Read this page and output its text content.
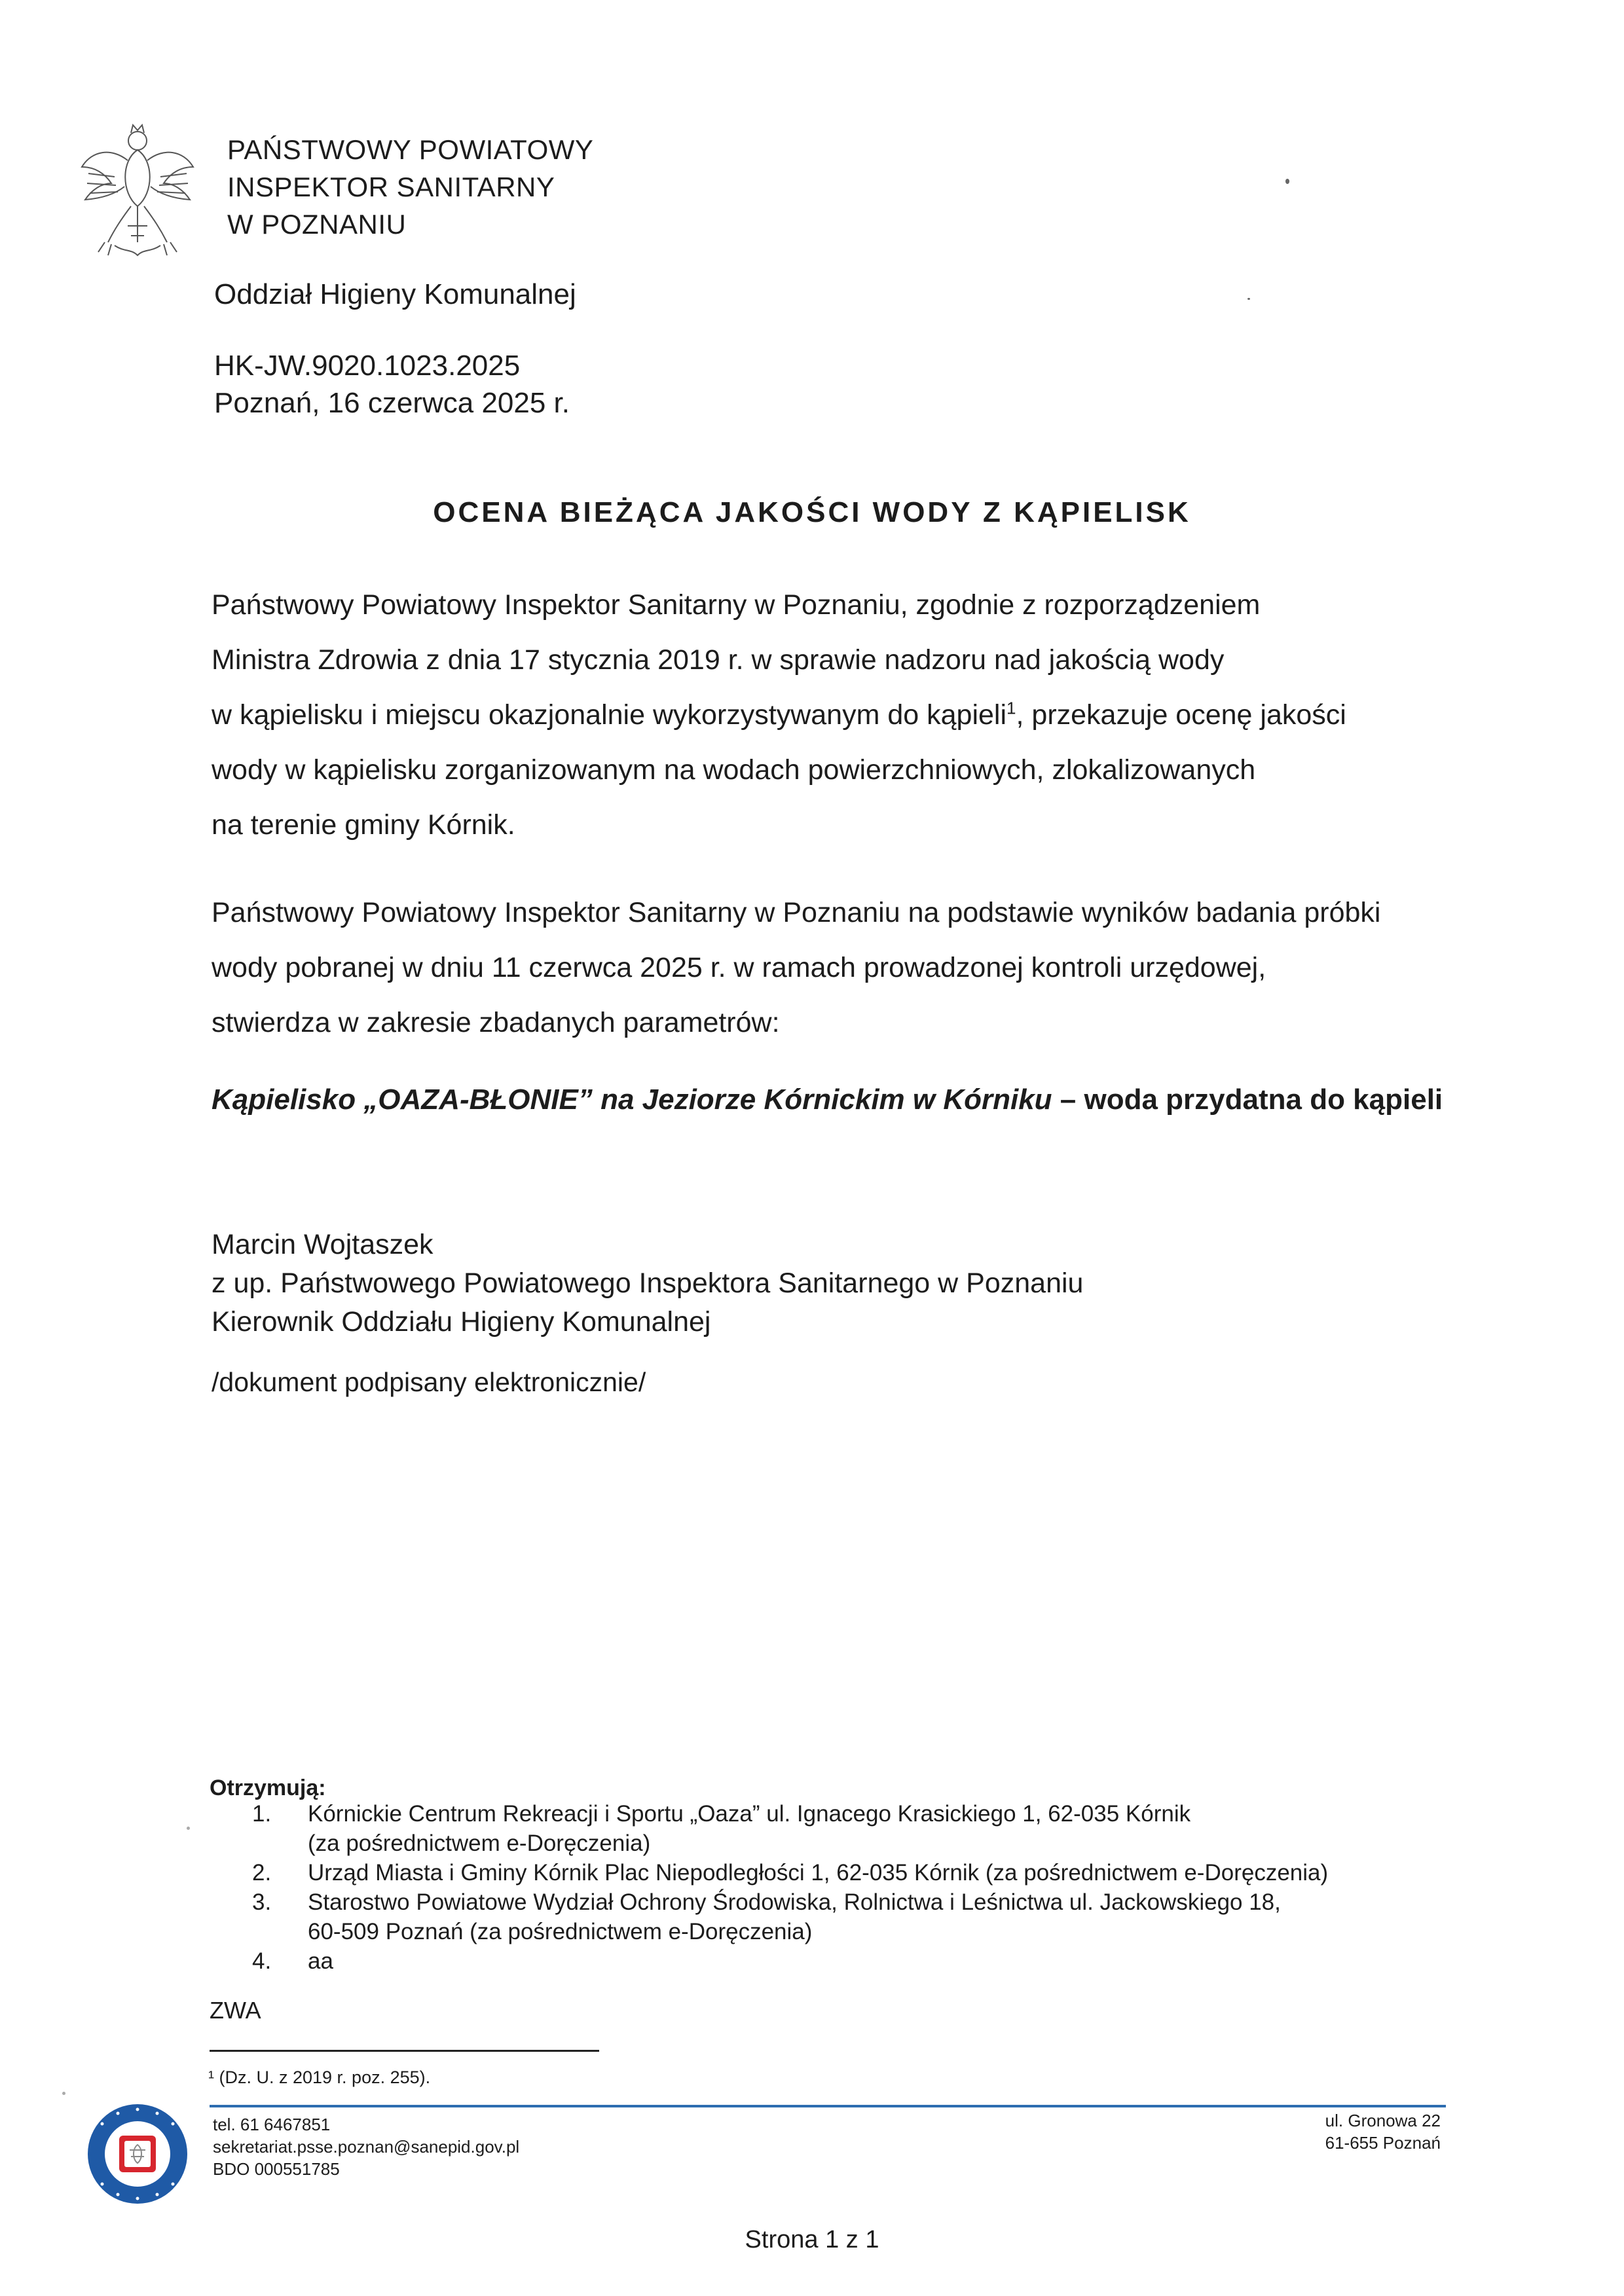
PAŃSTWOWY POWIATOWY
INSPEKTOR SANITARNY
W POZNANIU
Oddział Higieny Komunalnej
HK-JW.9020.1023.2025
Poznań, 16 czerwca 2025 r.
OCENA BIEŻĄCA JAKOŚCI WODY Z KĄPIELISK
Państwowy Powiatowy Inspektor Sanitarny w Poznaniu, zgodnie z rozporządzeniem
Ministra Zdrowia z dnia 17 stycznia 2019 r. w sprawie nadzoru nad jakością wody
w kąpielisku i miejscu okazjonalnie wykorzystywanym do kąpieli$^1$, przekazuje ocenę jakości
wody w kąpielisku zorganizowanym na wodach powierzchniowych, zlokalizowanych
na terenie gminy Kórnik.
Państwowy Powiatowy Inspektor Sanitarny w Poznaniu na podstawie wyników badania próbki
wody pobranej w dniu 11 czerwca 2025 r. w ramach prowadzonej kontroli urzędowej,
stwierdza w zakresie zbadanych parametrów:
Kąpielisko „OAZA-BŁONIE” na Jeziorze Kórnickim w Kórniku – woda przydatna do kąpieli
Marcin Wojtaszek
z up. Państwowego Powiatowego Inspektora Sanitarnego w Poznaniu
Kierownik Oddziału Higieny Komunalnej
/dokument podpisany elektronicznie/
Otrzymują:
1.	Kórnickie Centrum Rekreacji i Sportu „Oaza” ul. Ignacego Krasickiego 1, 62-035 Kórnik
(za pośrednictwem e-Doręczenia)
2.	Urząd Miasta i Gminy Kórnik Plac Niepodległości 1, 62-035 Kórnik (za pośrednictwem e-Doręczenia)
3.	Starostwo Powiatowe Wydział Ochrony Środowiska, Rolnictwa i Leśnictwa ul. Jackowskiego 18,
60-509 Poznań (za pośrednictwem e-Doręczenia)
4.	aa
ZWA
¹ (Dz. U. z 2019 r. poz. 255).
tel. 61 6467851
sekretariat.psse.poznan@sanepid.gov.pl
BDO 000551785
ul. Gronowa 22
61-655 Poznań
Strona 1 z 1
